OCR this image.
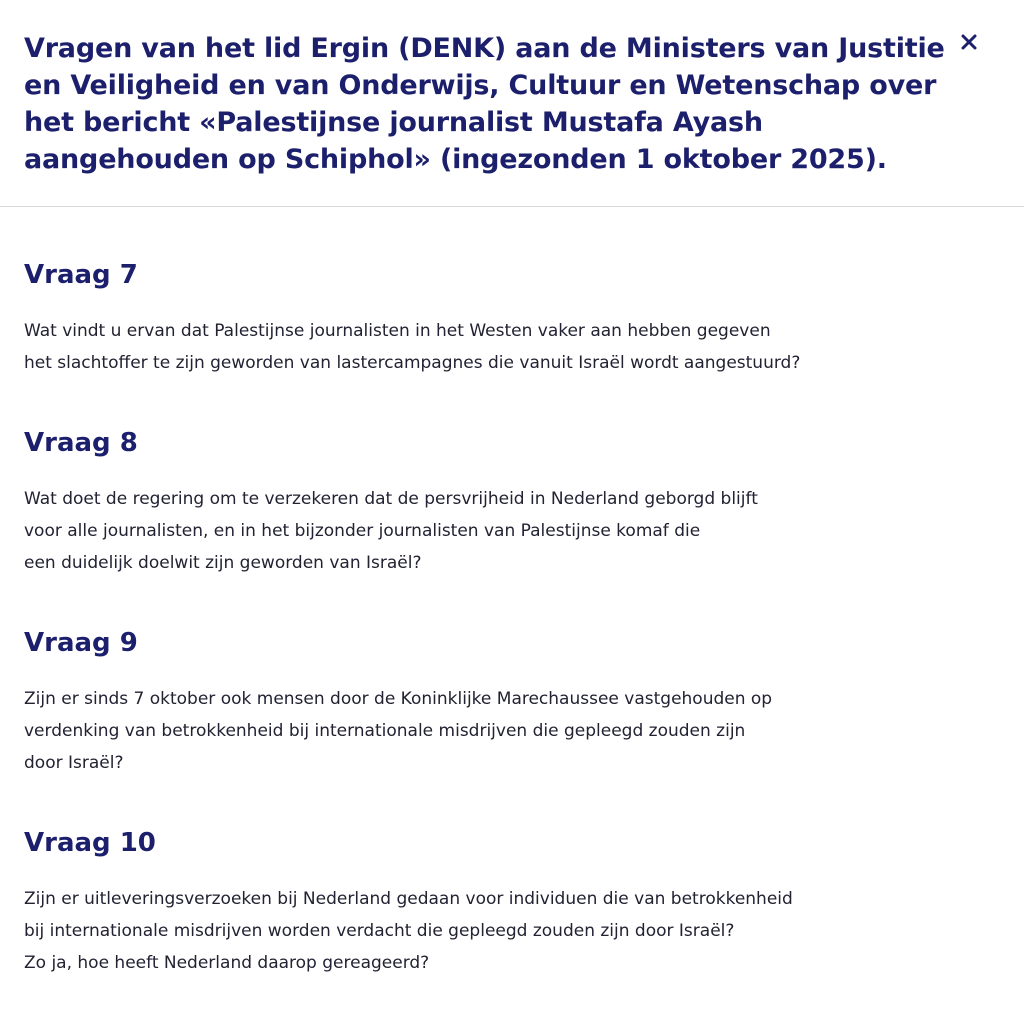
Vragen van het lid Ergin (DENK) aan de Ministers van Justitie en Veiligheid en van Onderwijs, Cultuur en Wetenschap over het bericht «Palestijnse journalist Mustafa Ayash aangehouden op Schiphol» (ingezonden 1 oktober 2025).
Vraag 7
Wat vindt u ervan dat Palestijnse journalisten in het Westen vaker aan hebben gegeven
het slachtoffer te zijn geworden van lastercampagnes die vanuit Israël wordt aangestuurd?
Vraag 8
Wat doet de regering om te verzekeren dat de persvrijheid in Nederland geborgd blijft
voor alle journalisten, en in het bijzonder journalisten van Palestijnse komaf die
een duidelijk doelwit zijn geworden van Israël?
Vraag 9
Zijn er sinds 7 oktober ook mensen door de Koninklijke Marechaussee vastgehouden op
verdenking van betrokkenheid bij internationale misdrijven die gepleegd zouden zijn
door Israël?
Vraag 10
Zijn er uitleveringsverzoeken bij Nederland gedaan voor individuen die van betrokkenheid
bij internationale misdrijven worden verdacht die gepleegd zouden zijn door Israël?
Zo ja, hoe heeft Nederland daarop gereageerd?
